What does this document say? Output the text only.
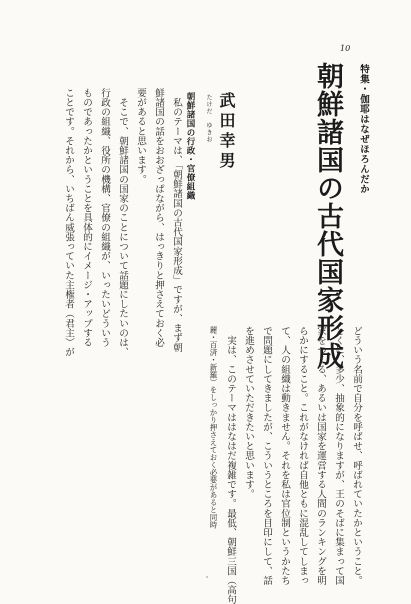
10
特集・伽耶はなぜほろんだか
朝鮮諸国の古代国家形成
たけだ
ゆきお 武田幸男
朝鮮諸国の行政・官僚組織
　私のテーマは、「朝鮮諸国の古代国家形成」ですが、まず朝
鮮諸国の話をおおざっぱながら、はっきりと押さえておく必
要があると思います。
　そこで、朝鮮諸国の国家のことについて話題にしたいのは、
行政の組織、役所の機構、官僚の組織が、いったいどういう
ものであったかということを具体的にイメージ・アップする
ことです。それから、いちばん威張っていた主権者（君主）が
どういう名前で自分を呼ばせ、呼ばれていたかということ。
とくに、多少、抽象的になりますが、王のそばに集まって国
家をつくる、あるいは国家を運営する人間のランキングを明
らかにすること。これがなければ自他ともに混乱してしまっ
て、人の組織は動きません。それを私は官位制というかたち
で問題にしてきましたが、こういうところを目印にして、話
を進めさせていただきたいと思います。
　実は、このテーマははなはだ複雑です。最低、朝鮮三国（高句
麗・百済・新羅）をしっかり押さえておく必要があると同時
